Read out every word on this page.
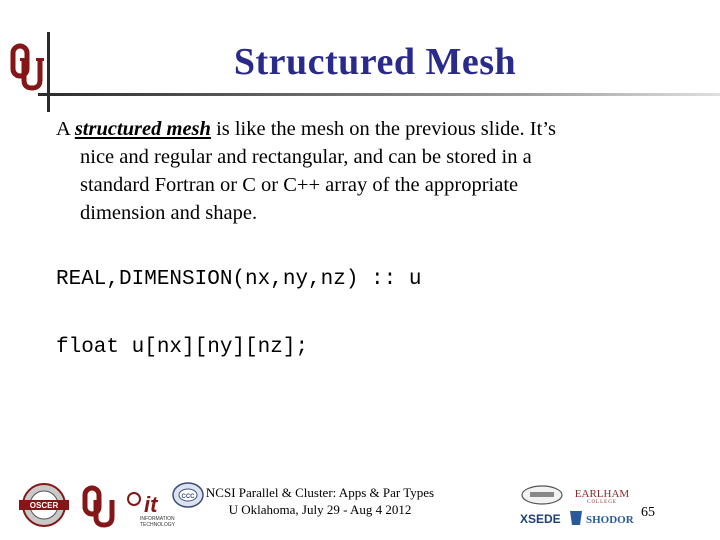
Structured Mesh
A structured mesh is like the mesh on the previous slide. It’s
nice and regular and rectangular, and can be stored in a
standard Fortran or C or C++ array of the appropriate
dimension and shape.
REAL,DIMENSION(nx,ny,nz) :: u
float u[nx][ny][nz];
OSCER
OU
it
INFORMATION
TECHNOLOGY
CCC NCSI Parallel & Cluster: Apps & Par Types
U Oklahoma, July 29 - Aug 4 2012
XSEDE
EARLHAM
COLLEGE
SHODOR 65
